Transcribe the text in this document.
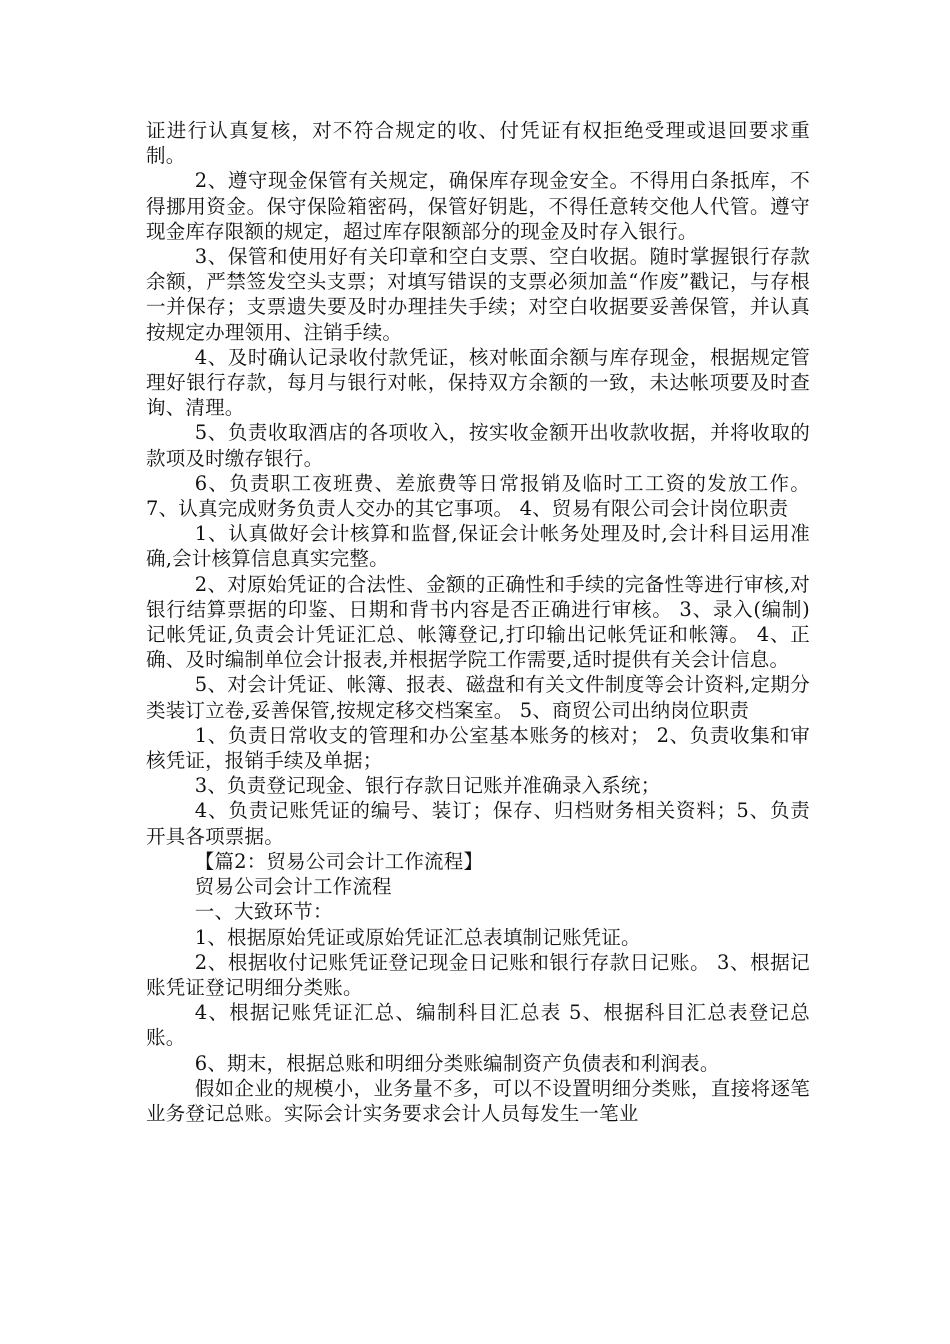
证进行认真复核，对不符合规定的收、付凭证有权拒绝受理或退回要求重制。

2、遵守现金保管有关规定，确保库存现金安全。不得用白条抵库，不得挪用资金。保守保险箱密码，保管好钥匙，不得任意转交他人代管。遵守现金库存限额的规定，超过库存限额部分的现金及时存入银行。

3、保管和使用好有关印章和空白支票、空白收据。随时掌握银行存款余额，严禁签发空头支票；对填写错误的支票必须加盖“作废”戳记，与存根一并保存；支票遗失要及时办理挂失手续；对空白收据要妥善保管，并认真按规定办理领用、注销手续。

4、及时确认记录收付款凭证，核对帐面余额与库存现金，根据规定管理好银行存款，每月与银行对帐，保持双方余额的一致，未达帐项要及时查询、清理。

5、负责收取酒店的各项收入，按实收金额开出收款收据，并将收取的款项及时缴存银行。

6、负责职工夜班费、差旅费等日常报销及临时工工资的发放工作。 7、认真完成财务负责人交办的其它事项。 4、贸易有限公司会计岗位职责

1、认真做好会计核算和监督,保证会计帐务处理及时,会计科目运用准确,会计核算信息真实完整。

2、对原始凭证的合法性、金额的正确性和手续的完备性等进行审核,对银行结算票据的印鉴、日期和背书内容是否正确进行审核。 3、录入(编制)记帐凭证,负责会计凭证汇总、帐簿登记,打印输出记帐凭证和帐簿。 4、正确、及时编制单位会计报表,并根据学院工作需要,适时提供有关会计信息。

5、对会计凭证、帐簿、报表、磁盘和有关文件制度等会计资料,定期分类装订立卷,妥善保管,按规定移交档案室。 5、商贸公司出纳岗位职责

1、负责日常收支的管理和办公室基本账务的核对； 2、负责收集和审核凭证，报销手续及单据；

3、负责登记现金、银行存款日记账并准确录入系统；

4、负责记账凭证的编号、装订；保存、归档财务相关资料；5、负责开具各项票据。

【篇2：贸易公司会计工作流程】

贸易公司会计工作流程

一、大致环节：

1、根据原始凭证或原始凭证汇总表填制记账凭证。

2、根据收付记账凭证登记现金日记账和银行存款日记账。 3、根据记账凭证登记明细分类账。

4、根据记账凭证汇总、编制科目汇总表 5、根据科目汇总表登记总账。

6、期末，根据总账和明细分类账编制资产负债表和利润表。

假如企业的规模小，业务量不多，可以不设置明细分类账，直接将逐笔业务登记总账。实际会计实务要求会计人员每发生一笔业
